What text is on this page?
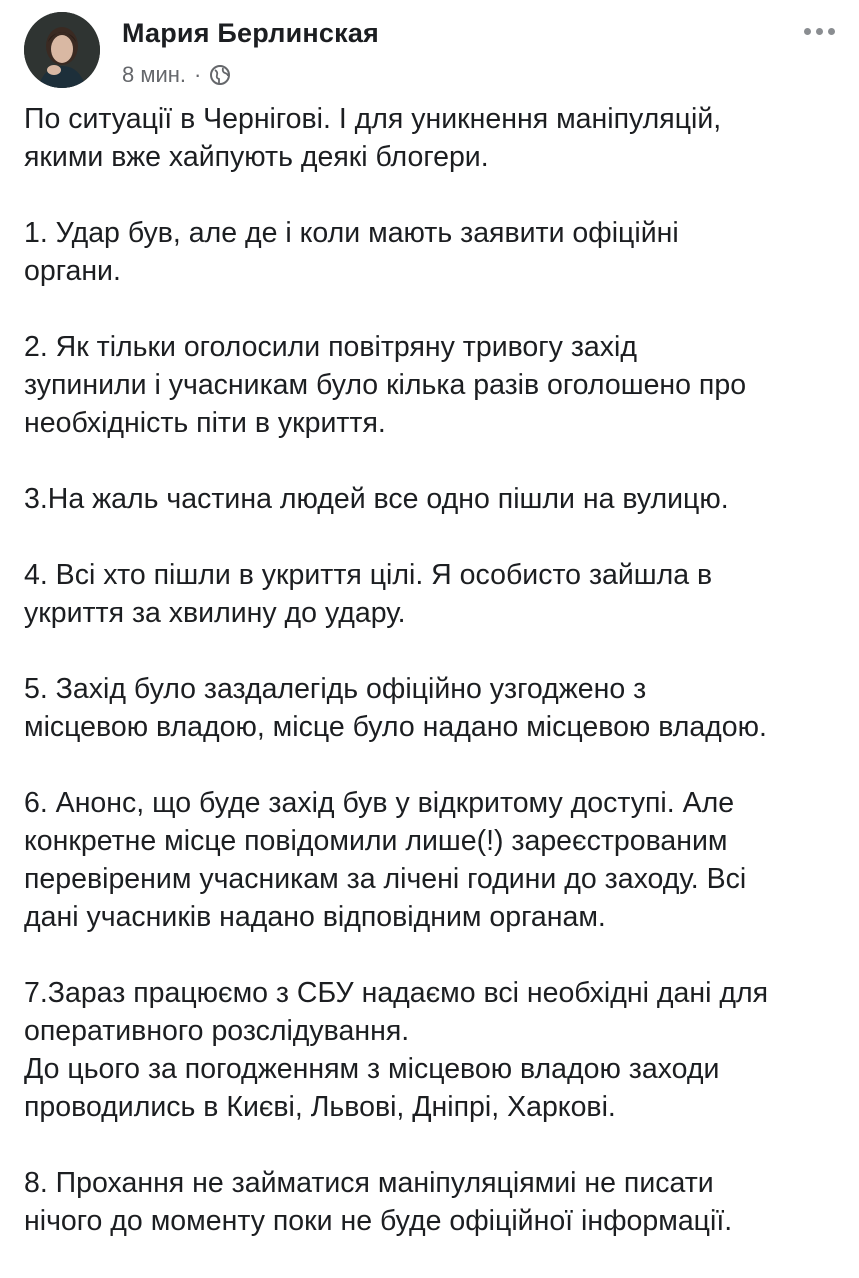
Мария Берлинская
8 мин. ·

По ситуації в Чернігові. І для уникнення маніпуляцій,
якими вже хайпують деякі блогери.

1. Удар був, але де і коли мають заявити офіційні
органи.

2. Як тільки оголосили повітряну тривогу захід
зупинили і учасникам було кілька разів оголошено про
необхідність піти в укриття.

3.На жаль частина людей все одно пішли на вулицю.

4. Всі хто пішли в укриття цілі. Я особисто зайшла в
укриття за хвилину до удару.

5. Захід було заздалегідь офіційно узгоджено з
місцевою владою, місце було надано місцевою владою.

6. Анонс, що буде захід був у відкритому доступі. Але
конкретне місце повідомили лише(!) зареєстрованим
перевіреним учасникам за лічені години до заходу. Всі
дані учасників надано відповідним органам.

7.Зараз працюємо з СБУ надаємо всі необхідні дані для
оперативного розслідування.
До цього за погодженням з місцевою владою заходи
проводились в Києві, Львові, Дніпрі, Харкові.

8. Прохання не займатися маніпуляціямиі не писати
нічого до моменту поки не буде офіційної інформації.
